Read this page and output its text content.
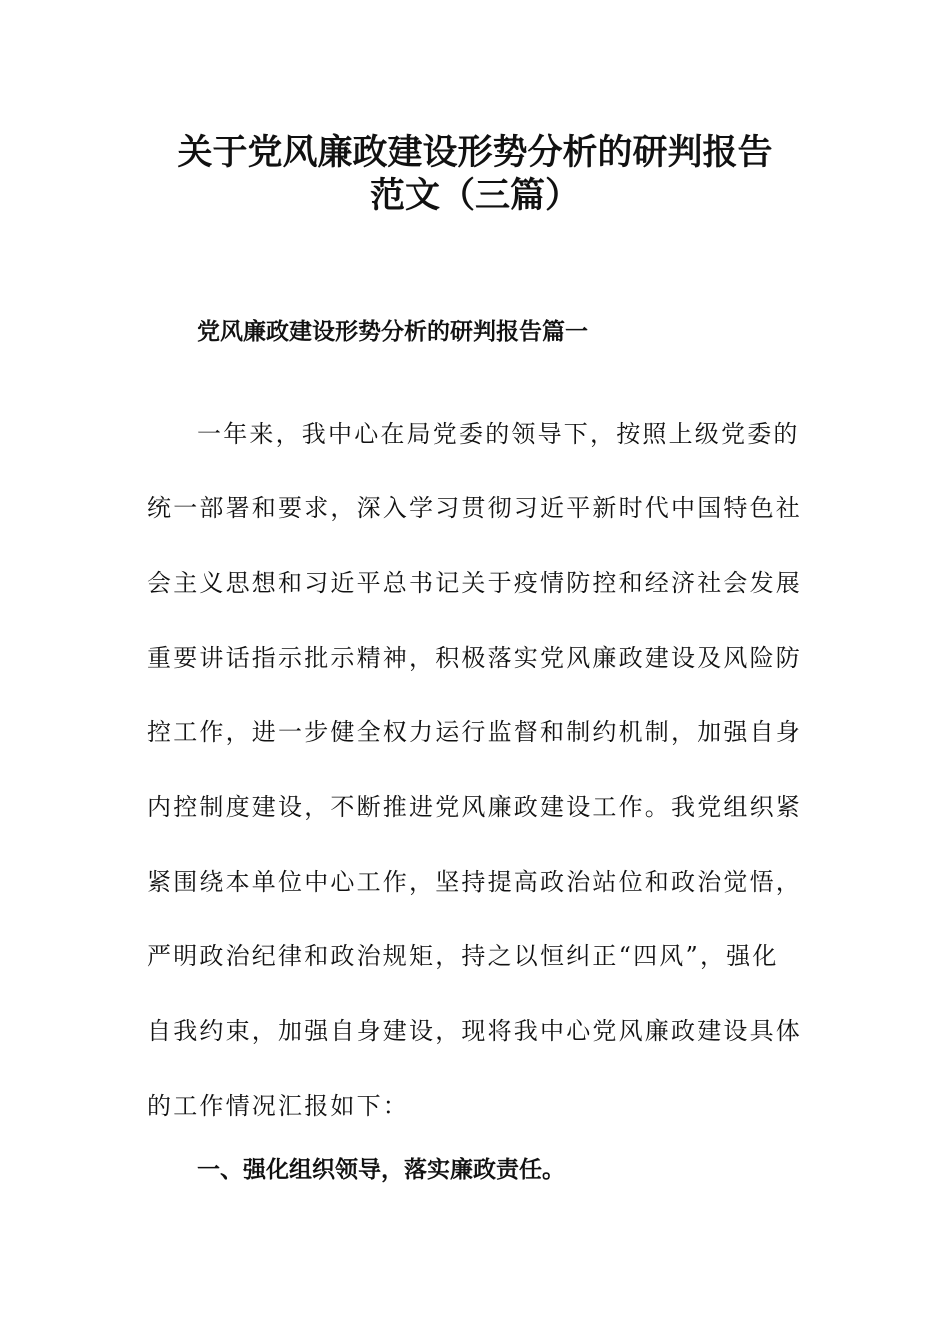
关于党风廉政建设形势分析的研判报告
范文（三篇）
党风廉政建设形势分析的研判报告篇一
一年来，我中心在局党委的领导下，按照上级党委的
统一部署和要求，深入学习贯彻习近平新时代中国特色社
会主义思想和习近平总书记关于疫情防控和经济社会发展
重要讲话指示批示精神，积极落实党风廉政建设及风险防
控工作，进一步健全权力运行监督和制约机制，加强自身
内控制度建设，不断推进党风廉政建设工作。我党组织紧
紧围绕本单位中心工作，坚持提高政治站位和政治觉悟，
严明政治纪律和政治规矩，持之以恒纠正“四风”，强化
自我约束，加强自身建设，现将我中心党风廉政建设具体
的工作情况汇报如下：
一、强化组织领导，落实廉政责任。
